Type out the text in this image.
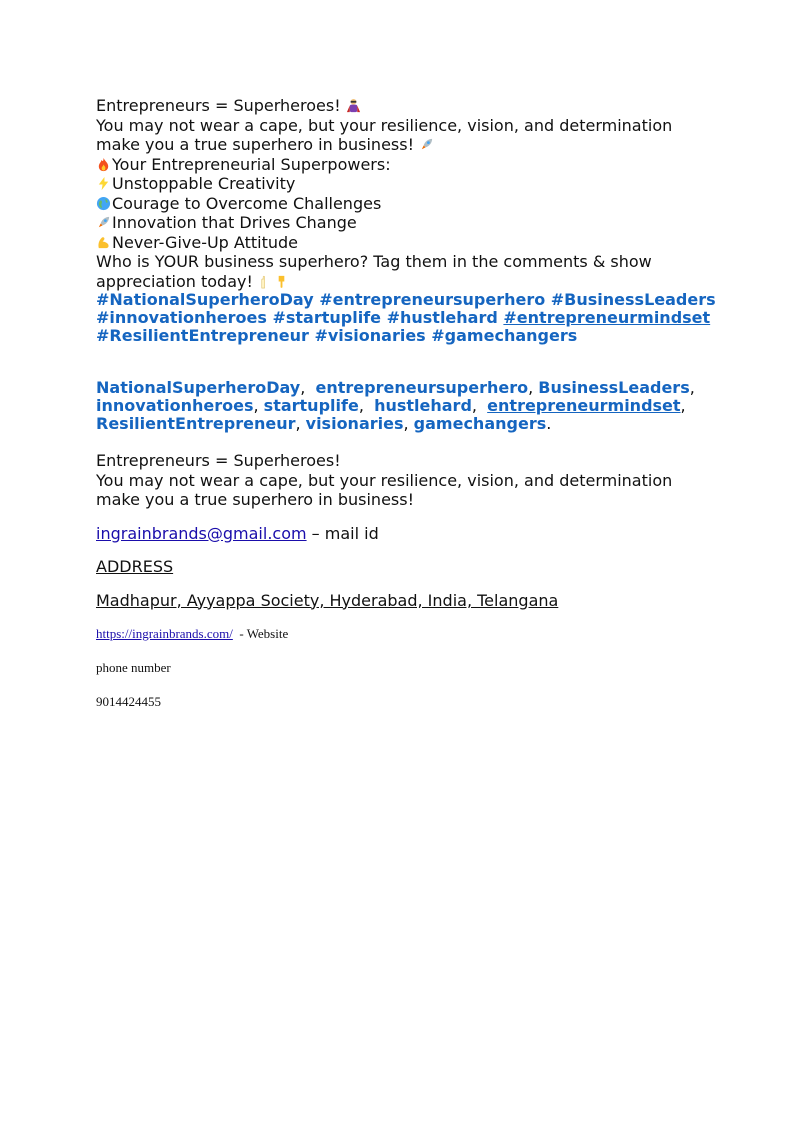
Entrepreneurs = Superheroes!
You may not wear a cape, but your resilience, vision, and determination
make you a true superhero in business!
Your Entrepreneurial Superpowers:
Unstoppable Creativity
Courage to Overcome Challenges
Innovation that Drives Change
Never-Give-Up Attitude
Who is YOUR business superhero? Tag them in the comments & show
appreciation today!
#NationalSuperheroDay #entrepreneursuperhero #BusinessLeaders
#innovationheroes #startuplife #hustlehard #entrepreneurmindset
#ResilientEntrepreneur #visionaries #gamechangers
NationalSuperheroDay,  entrepreneursuperhero, BusinessLeaders,
innovationheroes, startuplife,  hustlehard,  entrepreneurmindset,
ResilientEntrepreneur, visionaries, gamechangers.
Entrepreneurs = Superheroes!
You may not wear a cape, but your resilience, vision, and determination
make you a true superhero in business!
ingrainbrands@gmail.com – mail id
ADDRESS
Madhapur, Ayyappa Society, Hyderabad, India, Telangana
https://ingrainbrands.com/  - Website
phone number
9014424455
